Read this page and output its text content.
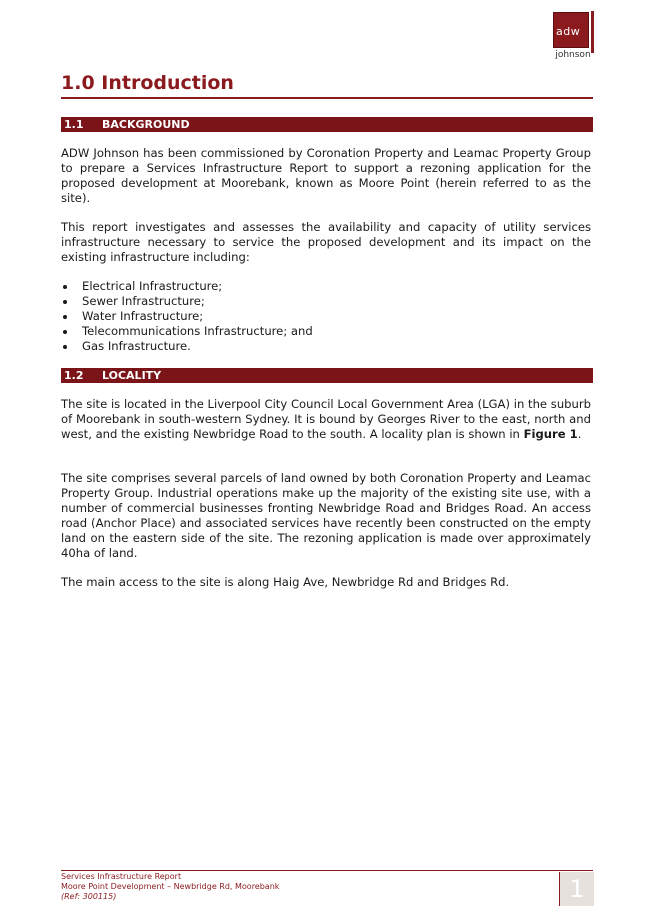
adw
johnson
1.0 Introduction
1.1 BACKGROUND

ADW Johnson has been commissioned by Coronation Property and Leamac Property Group to prepare a Services Infrastructure Report to support a rezoning application for the proposed development at Moorebank, known as Moore Point (herein referred to as the site).

This report investigates and assesses the availability and capacity of utility services infrastructure necessary to service the proposed development and its impact on the existing infrastructure including:

Electrical Infrastructure;
Sewer Infrastructure;
Water Infrastructure;
Telecommunications Infrastructure; and
Gas Infrastructure.
1.2 LOCALITY

The site is located in the Liverpool City Council Local Government Area (LGA) in the suburb of Moorebank in south-western Sydney. It is bound by Georges River to the east, north and west, and the existing Newbridge Road to the south. A locality plan is shown in Figure 1.

The site comprises several parcels of land owned by both Coronation Property and Leamac Property Group. Industrial operations make up the majority of the existing site use, with a number of commercial businesses fronting Newbridge Road and Bridges Road. An access road (Anchor Place) and associated services have recently been constructed on the empty land on the eastern side of the site. The rezoning application is made over approximately 40ha of land.

The main access to the site is along Haig Ave, Newbridge Rd and Bridges Rd.

Services Infrastructure Report
Moore Point Development – Newbridge Rd, Moorebank
(Ref: 300115)	1
